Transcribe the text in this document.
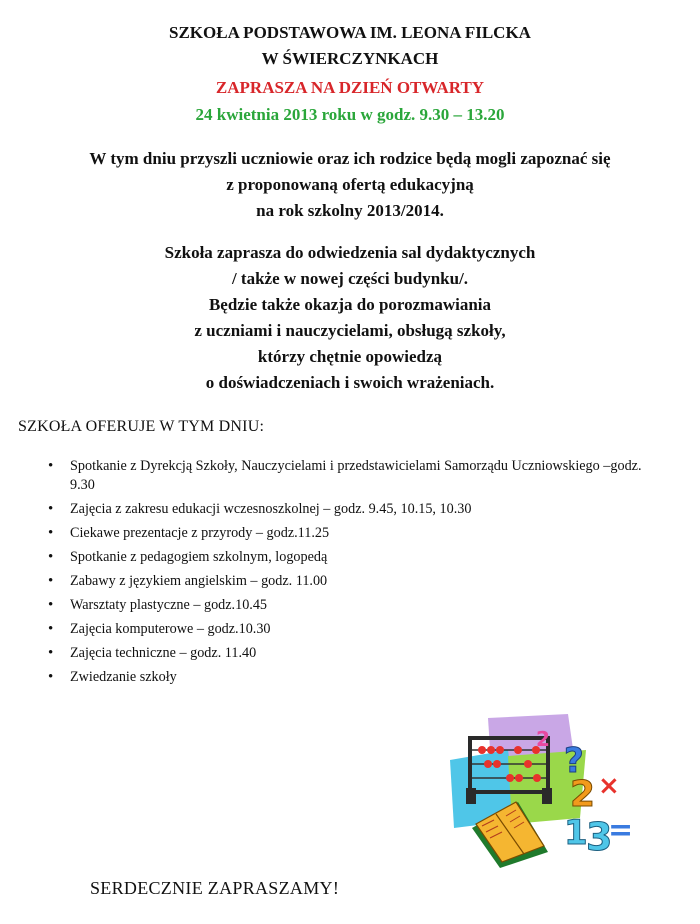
SZKOŁA PODSTAWOWA IM. LEONA FILCKA
W ŚWIERCZYNKACH
ZAPRASZA NA DZIEŃ OTWARTY
24 kwietnia 2013 roku w godz. 9.30 – 13.20

W tym dniu przyszli uczniowie oraz ich rodzice będą mogli zapoznać się

z proponowaną ofertą edukacyjną

na rok szkolny 2013/2014.

Szkoła zaprasza do odwiedzenia sal dydaktycznych

/ także w nowej części budynku/.

Będzie także okazja do porozmawiania

z uczniami i nauczycielami, obsługą szkoły,

którzy chętnie opowiedzą

o doświadczeniach i swoich wrażeniach.

SZKOŁA OFERUJE W TYM DNIU:
• Spotkanie z Dyrekcją Szkoły, Nauczycielami i przedstawicielami Samorządu Uczniowskiego –godz. 9.30
• Zajęcia z zakresu edukacji wczesnoszkolnej – godz. 9.45, 10.15, 10.30
• Ciekawe prezentacje z przyrody – godz.11.25
• Spotkanie z pedagogiem szkolnym, logopedą
• Zabawy z językiem angielskim – godz. 11.00
• Warsztaty plastyczne – godz.10.45
• Zajęcia komputerowe – godz.10.30
• Zajęcia techniczne – godz. 11.40
• Zwiedzanie szkoły
?
2 ×
1
3
=
2
SERDECZNIE ZAPRASZAMY!
